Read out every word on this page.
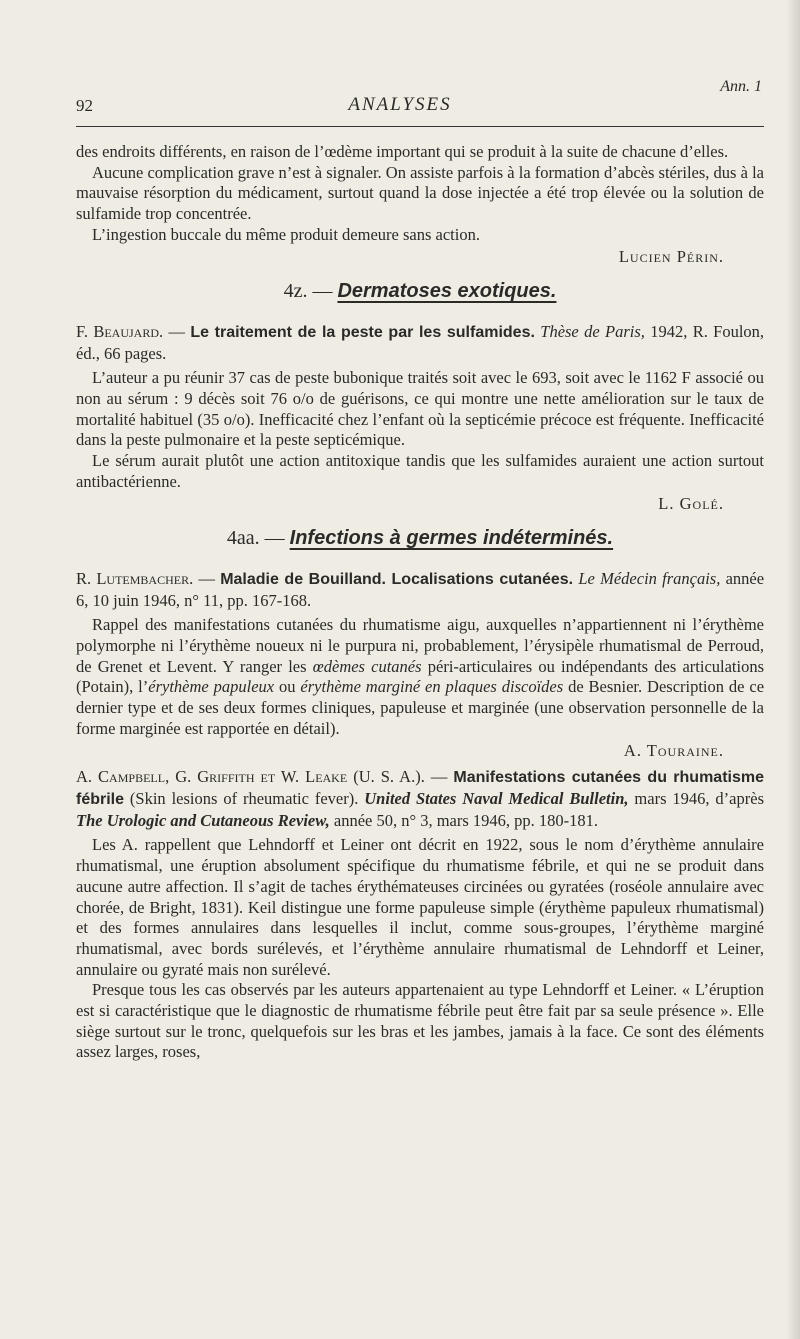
Ann. 1
92	ANALYSES

des endroits différents, en raison de l’œdème important qui se produit à la suite de chacune d’elles.

Aucune complication grave n’est à signaler. On assiste parfois à la formation d’abcès stériles, dus à la mauvaise résorption du médicament, surtout quand la dose injectée a été trop élevée ou la solution de sulfamide trop concentrée.

L’ingestion buccale du même produit demeure sans action.

Lucien Périn.

4z. — Dermatoses exotiques.

F. Beaujard. — Le traitement de la peste par les sulfamides. Thèse de Paris, 1942, R. Foulon, éd., 66 pages.

L’auteur a pu réunir 37 cas de peste bubonique traités soit avec le 693, soit avec le 1162 F associé ou non au sérum : 9 décès soit 76 o/o de guérisons, ce qui montre une nette amélioration sur le taux de mortalité habituel (35 o/o). Inefficacité chez l’enfant où la septicémie précoce est fréquente. Inefficacité dans la peste pulmonaire et la peste septicémique.

Le sérum aurait plutôt une action antitoxique tandis que les sulfamides auraient une action surtout antibactérienne.

L. Golé.

4aa. — Infections à germes indéterminés.

R. Lutembacher. — Maladie de Bouilland. Localisations cutanées. Le Médecin français, année 6, 10 juin 1946, n° 11, pp. 167-168.

Rappel des manifestations cutanées du rhumatisme aigu, auxquelles n’appartiennent ni l’érythème polymorphe ni l’érythème noueux ni le purpura ni, probablement, l’érysipèle rhumatismal de Perroud, de Grenet et Levent. Y ranger les œdèmes cutanés péri-articulaires ou indépendants des articulations (Potain), l’érythème papuleux ou érythème marginé en plaques discoïdes de Besnier. Description de ce dernier type et de ses deux formes cliniques, papuleuse et marginée (une observation personnelle de la forme marginée est rapportée en détail).

A. Touraine.

A. Campbell, G. Griffith et W. Leake (U. S. A.). — Manifestations cutanées du rhumatisme fébrile (Skin lesions of rheumatic fever). United States Naval Medical Bulletin, mars 1946, d’après The Urologic and Cutaneous Review, année 50, n° 3, mars 1946, pp. 180-181.

Les A. rappellent que Lehndorff et Leiner ont décrit en 1922, sous le nom d’érythème annulaire rhumatismal, une éruption absolument spécifique du rhumatisme fébrile, et qui ne se produit dans aucune autre affection. Il s’agit de taches érythémateuses circinées ou gyratées (roséole annulaire avec chorée, de Bright, 1831). Keil distingue une forme papuleuse simple (érythème papuleux rhumatismal) et des formes annulaires dans lesquelles il inclut, comme sous-groupes, l’érythème marginé rhumatismal, avec bords surélevés, et l’érythème annulaire rhumatismal de Lehndorff et Leiner, annulaire ou gyraté mais non surélevé.

Presque tous les cas observés par les auteurs appartenaient au type Lehndorff et Leiner. « L’éruption est si caractéristique que le diagnostic de rhumatisme fébrile peut être fait par sa seule présence ». Elle siège surtout sur le tronc, quelquefois sur les bras et les jambes, jamais à la face. Ce sont des éléments assez larges, roses,
